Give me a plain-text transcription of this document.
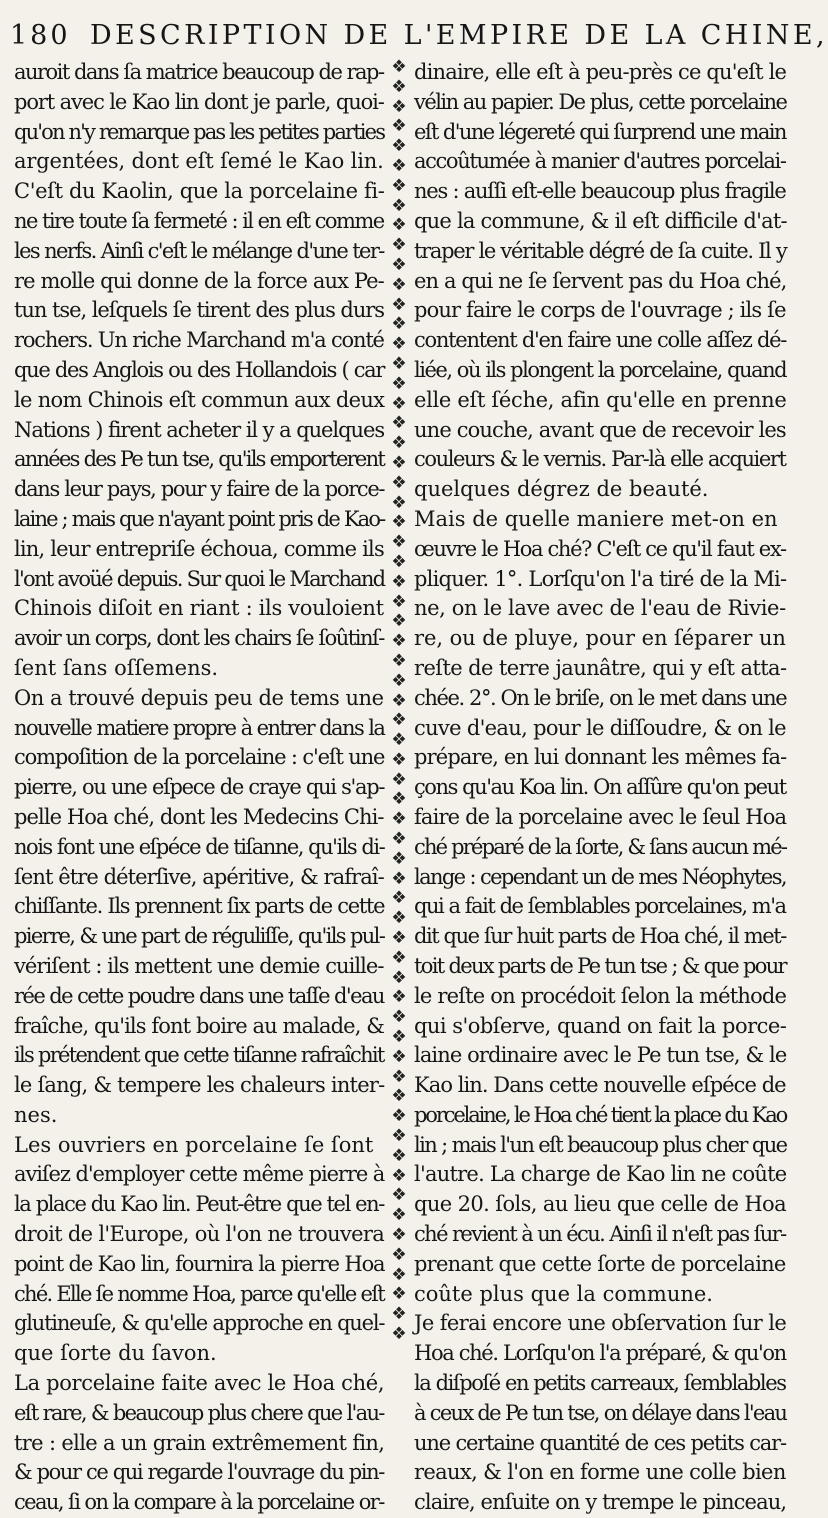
180 DESCRIPTION DE L'EMPIRE DE LA CHINE,
auroit dans ſa matrice beaucoup de rap-
port avec le Kao lin dont je parle, quoi-
qu'on n'y remarque pas les petites parties
argentées, dont eſt ſemé le Kao lin.
C'eſt du Kaolin, que la porcelaine fi-
ne tire toute ſa fermeté : il en eſt comme
les nerfs. Ainſi c'eſt le mélange d'une ter-
re molle qui donne de la force aux Pe-
tun tse, leſquels ſe tirent des plus durs
rochers. Un riche Marchand m'a conté
que des Anglois ou des Hollandois ( car
le nom Chinois eſt commun aux deux
Nations ) firent acheter il y a quelques
années des Pe tun tse, qu'ils emporterent
dans leur pays, pour y faire de la porce-
laine ; mais que n'ayant point pris de Kao-
lin, leur entrepriſe échoua, comme ils
l'ont avoüé depuis. Sur quoi le Marchand
Chinois diſoit en riant : ils vouloient
avoir un corps, dont les chairs ſe ſoûtinſ-
ſent ſans oſſemens.
On a trouvé depuis peu de tems une
nouvelle matiere propre à entrer dans la
compoſition de la porcelaine : c'eſt une
pierre, ou une eſpece de craye qui s'ap-
pelle Hoa ché, dont les Medecins Chi-
nois font une eſpéce de tiſanne, qu'ils di-
ſent être déterſive, apéritive, & rafraî-
chiſſante. Ils prennent ſix parts de cette
pierre, & une part de réguliſſe, qu'ils pul-
vériſent : ils mettent une demie cuille-
rée de cette poudre dans une taſſe d'eau
fraîche, qu'ils font boire au malade, &
ils prétendent que cette tiſanne rafraîchit
le ſang, & tempere les chaleurs inter-
nes.
Les ouvriers en porcelaine ſe ſont
aviſez d'employer cette même pierre à
la place du Kao lin. Peut-être que tel en-
droit de l'Europe, où l'on ne trouvera
point de Kao lin, fournira la pierre Hoa
ché. Elle ſe nomme Hoa, parce qu'elle eſt
glutineuſe, & qu'elle approche en quel-
que ſorte du ſavon.
La porcelaine faite avec le Hoa ché,
eſt rare, & beaucoup plus chere que l'au-
tre : elle a un grain extrêmement fin,
& pour ce qui regarde l'ouvrage du pin-
ceau, ſi on la compare à la porcelaine or-
❖
❖
❖
❖
❖
❖
❖
❖
❖
❖
❖
❖
❖
❖
❖
❖
❖
❖
❖
❖
❖
❖
❖
❖
❖
❖
❖
❖
❖
❖
❖
❖
❖
❖
❖
❖
❖
❖
❖
❖
❖
❖
❖
❖
❖
❖
❖
❖
❖
❖
❖
❖
❖
❖
❖
❖
❖
❖
❖
❖
❖
❖
❖
❖
❖
dinaire, elle eſt à peu-près ce qu'eſt le
vélin au papier. De plus, cette porcelaine
eſt d'une légereté qui ſurprend une main
accoûtumée à manier d'autres porcelai-
nes : auſſi eſt-elle beaucoup plus fragile
que la commune, & il eſt difficile d'at-
traper le véritable dégré de ſa cuite. Il y
en a qui ne ſe ſervent pas du Hoa ché,
pour faire le corps de l'ouvrage ; ils ſe
contentent d'en faire une colle aſſez dé-
liée, où ils plongent la porcelaine, quand
elle eſt ſéche, afin qu'elle en prenne
une couche, avant que de recevoir les
couleurs & le vernis. Par-là elle acquiert
quelques dégrez de beauté.
Mais de quelle maniere met-on en
œuvre le Hoa ché? C'eſt ce qu'il faut ex-
pliquer. 1°. Lorſqu'on l'a tiré de la Mi-
ne, on le lave avec de l'eau de Rivie-
re, ou de pluye, pour en ſéparer un
reſte de terre jaunâtre, qui y eſt atta-
chée. 2°. On le briſe, on le met dans une
cuve d'eau, pour le diſſoudre, & on le
prépare, en lui donnant les mêmes fa-
çons qu'au Koa lin. On aſſûre qu'on peut
faire de la porcelaine avec le ſeul Hoa
ché préparé de la ſorte, & ſans aucun mé-
lange : cependant un de mes Néophytes,
qui a fait de ſemblables porcelaines, m'a
dit que ſur huit parts de Hoa ché, il met-
toit deux parts de Pe tun tse ; & que pour
le reſte on procédoit ſelon la méthode
qui s'obſerve, quand on fait la porce-
laine ordinaire avec le Pe tun tse, & le
Kao lin. Dans cette nouvelle eſpéce de
porcelaine, le Hoa ché tient la place du Kao
lin ; mais l'un eſt beaucoup plus cher que
l'autre. La charge de Kao lin ne coûte
que 20. ſols, au lieu que celle de Hoa
ché revient à un écu. Ainſi il n'eſt pas ſur-
prenant que cette ſorte de porcelaine
coûte plus que la commune.
Je ferai encore une obſervation ſur le
Hoa ché. Lorſqu'on l'a préparé, & qu'on
la diſpoſé en petits carreaux, ſemblables
à ceux de Pe tun tse, on délaye dans l'eau
une certaine quantité de ces petits car-
reaux, & l'on en forme une colle bien
claire, enſuite on y trempe le pinceau,
